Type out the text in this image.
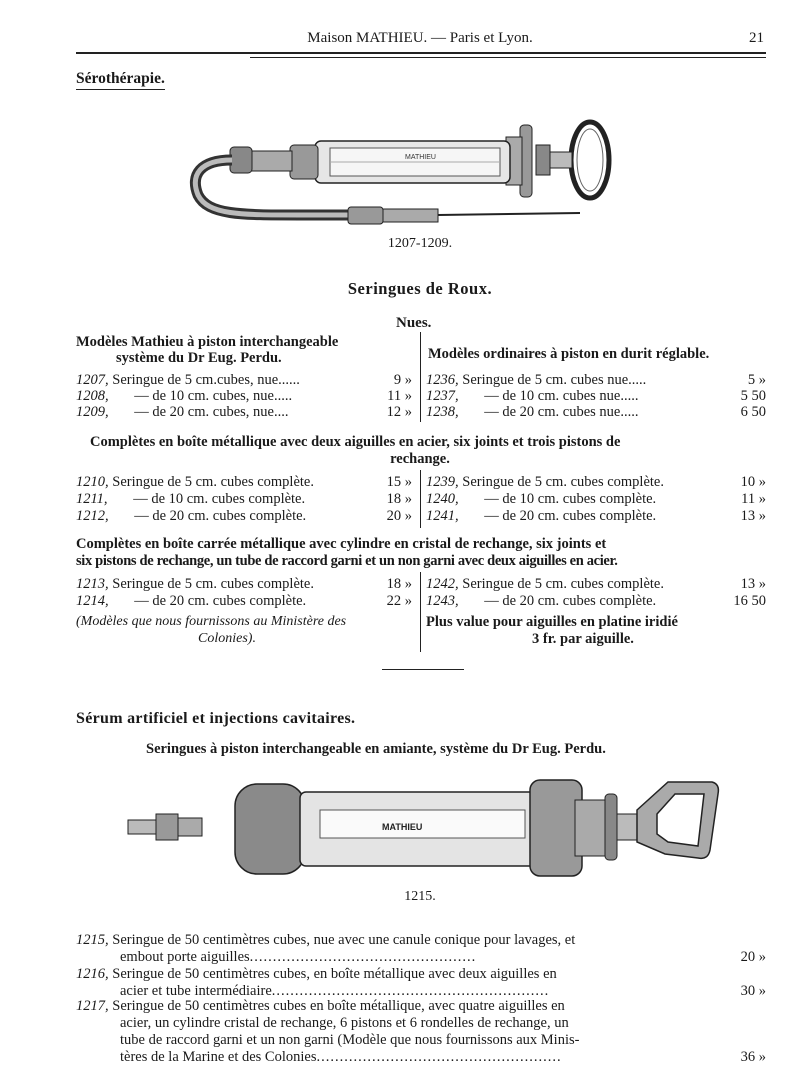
Maison MATHIEU. — Paris et Lyon.	21
Sérothérapie.
MATHIEU
1207-1209.
Seringues de Roux.
Nues.
Modèles Mathieu à piston interchangeable
système du Dr Eug. Perdu.	Modèles ordinaires à piston en durit réglable.
1207, Seringue de 5 cm.cubes, nue......	9 »
1208, — de 10 cm. cubes, nue.....	11 »
1209, — de 20 cm. cubes, nue....	12 »
1236, Seringue de 5 cm. cubes nue.....	5 »
1237, — de 10 cm. cubes nue.....	5 50
1238, — de 20 cm. cubes nue.....	6 50
Complètes en boîte métallique avec deux aiguilles en acier, six joints et trois pistons de
rechange.
1210, Seringue de 5 cm. cubes complète.	15 »
1211, — de 10 cm. cubes complète.	18 »
1212, — de 20 cm. cubes complète.	20 »
1239, Seringue de 5 cm. cubes complète.	10 »
1240, — de 10 cm. cubes complète.	11 »
1241, — de 20 cm. cubes complète.	13 »
Complètes en boîte carrée métallique avec cylindre en cristal de rechange, six joints et
six pistons de rechange, un tube de raccord garni et un non garni avec deux aiguilles en acier.
1213, Seringue de 5 cm. cubes complète.	18 »
1214, — de 20 cm. cubes complète.	22 »
1242, Seringue de 5 cm. cubes complète.	13 »
1243, — de 20 cm. cubes complète.	16 50
(Modèles que nous fournissons au Ministère des
Colonies).
Plus value pour aiguilles en platine iridié
3 fr. par aiguille.
Sérum artificiel et injections cavitaires.
Seringues à piston interchangeable en amiante, système du Dr Eug. Perdu.
MATHIEU
1215.
1215, Seringue de 50 centimètres cubes, nue avec une canule conique pour lavages, et
embout porte aiguilles.................................................	20 »
1216, Seringue de 50 centimètres cubes, en boîte métallique avec deux aiguilles en
acier et tube intermédiaire............................................................	30 »
1217, Seringue de 50 centimètres cubes en boîte métallique, avec quatre aiguilles en
acier, un cylindre cristal de rechange, 6 pistons et 6 rondelles de rechange, un
tube de raccord garni et un non garni (Modèle que nous fournissons aux Minis-
tères de la Marine et des Colonies.....................................................	36 »
